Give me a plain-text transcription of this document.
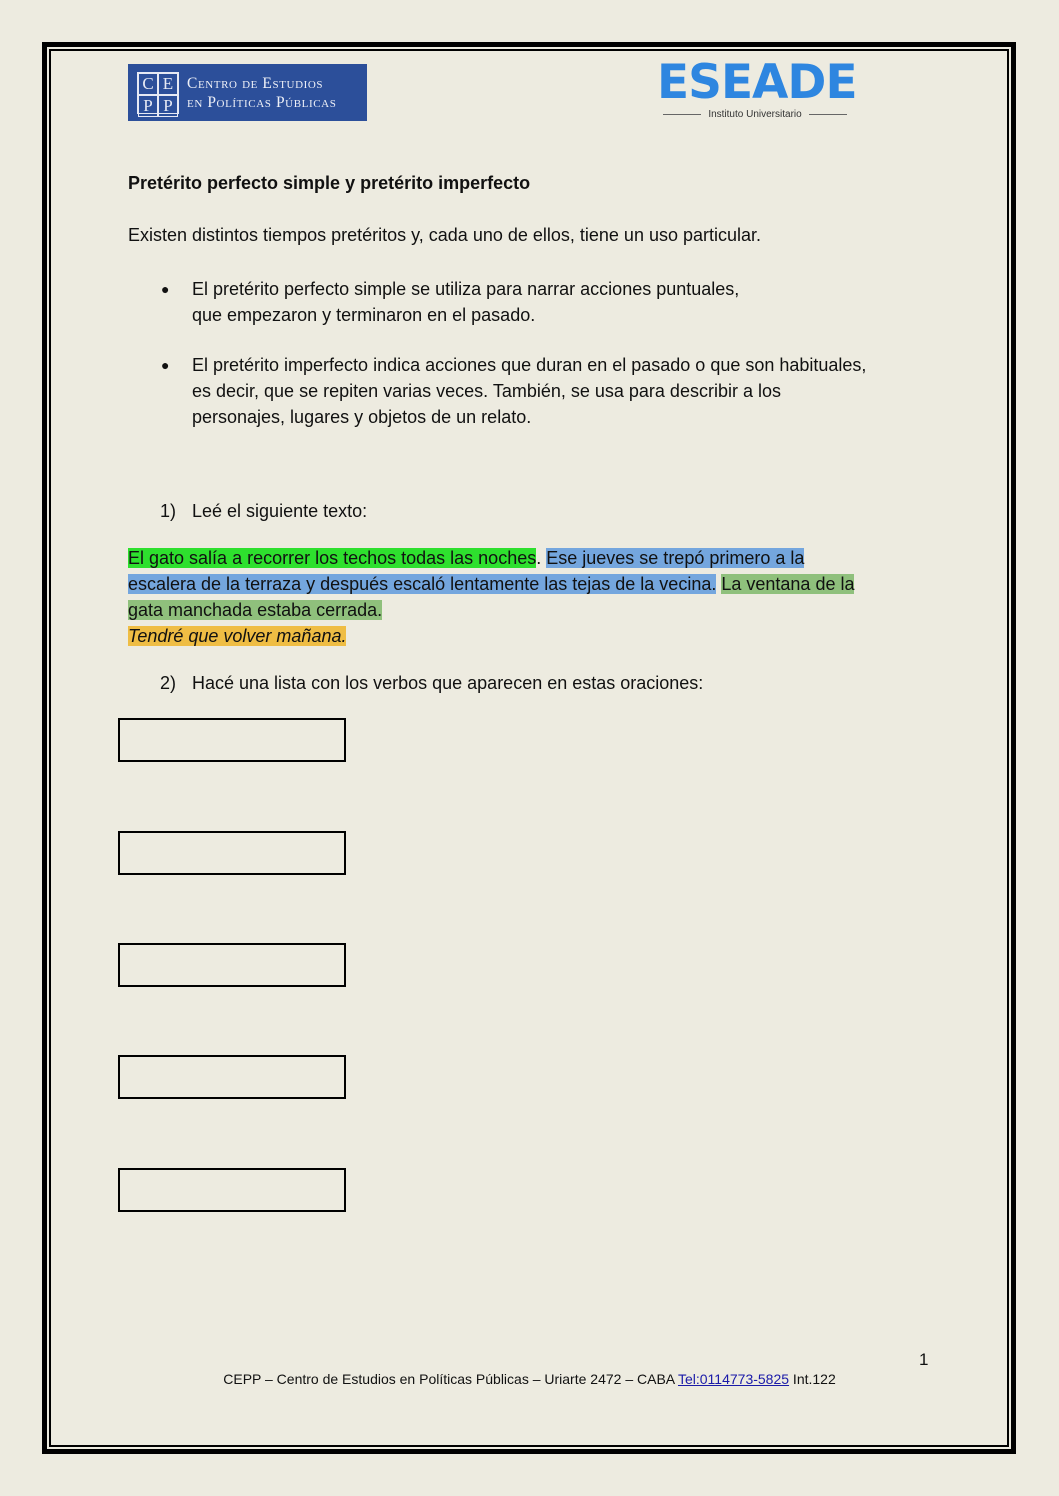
C E
P P
Centro de Estudios
en Políticas Públicas	ESEADE
Instituto Universitario
Pretérito perfecto simple y pretérito imperfecto
Existen distintos tiempos pretéritos y, cada uno de ellos, tiene un uso particular.
● El pretérito perfecto simple se utiliza para narrar acciones puntuales,
que empezaron y terminaron en el pasado.
● El pretérito imperfecto indica acciones que duran en el pasado o que son habituales,
es decir, que se repiten varias veces. También, se usa para describir a los
personajes, lugares y objetos de un relato.
1) Leé el siguiente texto:
El gato salía a recorrer los techos todas las noches. Ese jueves se trepó primero a la
escalera de la terraza y después escaló lentamente las tejas de la vecina. La ventana de la
gata manchada estaba cerrada.
Tendré que volver mañana.
2) Hacé una lista con los verbos que aparecen en estas oraciones:
1
CEPP – Centro de Estudios en Políticas Públicas – Uriarte 2472 – CABA Tel:0114773-5825 Int.122
